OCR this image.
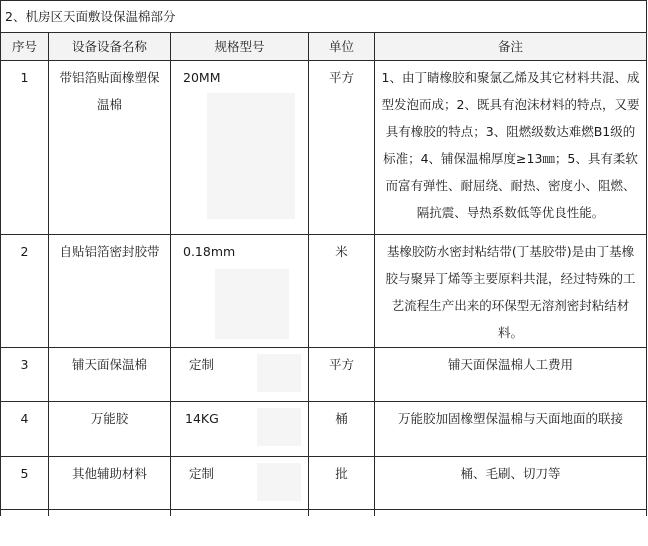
2、机房区天面敷设保温棉部分				
序号	设备设备名称	规格型号	单位	备注
1	带铝箔贴面橡塑保温棉	20MM	平方	1、由丁睛橡胶和聚氯乙烯及其它材料共混、成型发泡而成；2、既具有泡沫材料的特点，又要具有橡胶的特点；3、阻燃级数达难燃B1级的标准；4、铺保温棉厚度≥13㎜；5、具有柔软而富有弹性、耐屈绕、耐热、密度小、阻燃、隔抗震、导热系数低等优良性能。
2	自贴铝箔密封胶带	0.18mm	米	基橡胶防水密封粘结带(丁基胶带)是由丁基橡胶与聚异丁烯等主要原料共混，经过特殊的工艺流程生产出来的环保型无溶剂密封粘结材料。
3	铺天面保温棉	定制	平方	铺天面保温棉人工费用
4	万能胶	14KG	桶	万能胶加固橡塑保温棉与天面地面的联接
5	其他辅助材料	定制	批	桶、毛刷、切刀等
